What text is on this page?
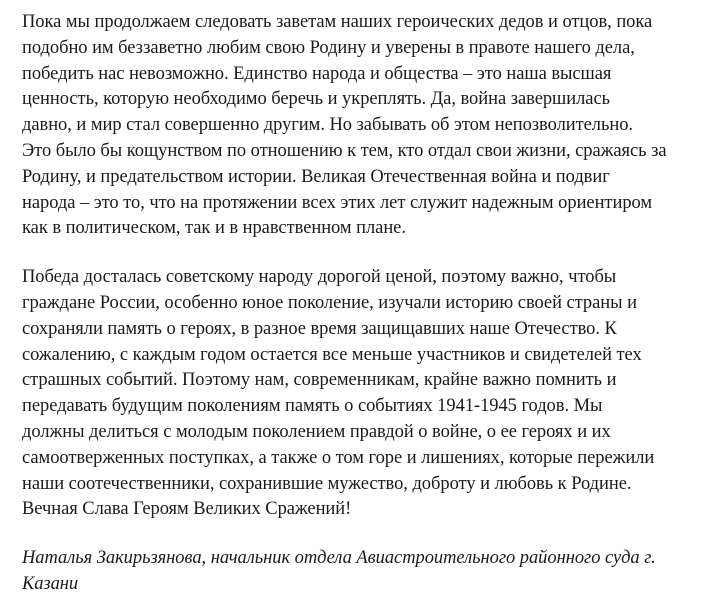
Пока мы продолжаем следовать заветам наших героических дедов и отцов, пока
подобно им беззаветно любим свою Родину и уверены в правоте нашего дела,
победить нас невозможно. Единство народа и общества – это наша высшая
ценность, которую необходимо беречь и укреплять. Да, война завершилась
давно, и мир стал совершенно другим. Но забывать об этом непозволительно.
Это было бы кощунством по отношению к тем, кто отдал свои жизни, сражаясь за
Родину, и предательством истории. Великая Отечественная война и подвиг
народа – это то, что на протяжении всех этих лет служит надежным ориентиром
как в политическом, так и в нравственном плане.

Победа досталась советскому народу дорогой ценой, поэтому важно, чтобы
граждане России, особенно юное поколение, изучали историю своей страны и
сохраняли память о героях, в разное время защищавших наше Отечество. К
сожалению, с каждым годом остается все меньше участников и свидетелей тех
страшных событий. Поэтому нам, современникам, крайне важно помнить и
передавать будущим поколениям память о событиях 1941-1945 годов. Мы
должны делиться с молодым поколением правдой о войне, о ее героях и их
самоотверженных поступках, а также о том горе и лишениях, которые пережили
наши соотечественники, сохранившие мужество, доброту и любовь к Родине.
Вечная Слава Героям Великих Сражений!

Наталья Закирьзянова, начальник отдела Авиастроительного районного суда г.
Казани
